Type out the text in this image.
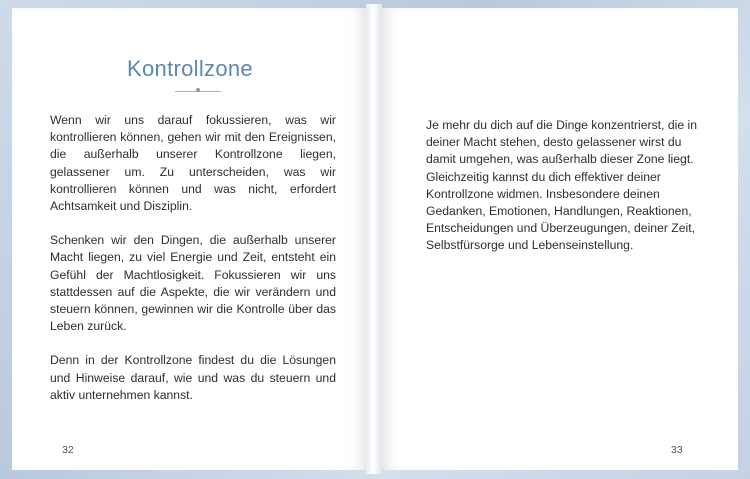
Kontrollzone

Wenn wir uns darauf fokussieren, was wir kontrollieren können, gehen wir mit den Ereignissen, die außerhalb unserer Kontrollzone liegen, gelassener um. Zu unterscheiden, was wir kontrollieren können und was nicht, erfordert Achtsamkeit und Disziplin.

Schenken wir den Dingen, die außerhalb unserer Macht liegen, zu viel Energie und Zeit, entsteht ein Gefühl der Machtlosigkeit. Fokussieren wir uns stattdessen auf die Aspekte, die wir verändern und steuern können, gewinnen wir die Kontrolle über das Leben zurück.

Denn in der Kontrollzone findest du die Lösungen und Hinweise darauf, wie und was du steuern und aktiv unternehmen kannst.

32

Je mehr du dich auf die Dinge konzentrierst, die in deiner Macht stehen, desto gelassener wirst du damit umgehen, was außerhalb dieser Zone liegt. Gleichzeitig kannst du dich effektiver deiner Kontrollzone widmen. Insbesondere deinen Gedanken, Emotionen, Handlungen, Reaktionen, Entscheidungen und Überzeugungen, deiner Zeit, Selbstfürsorge und Lebenseinstellung.

33
